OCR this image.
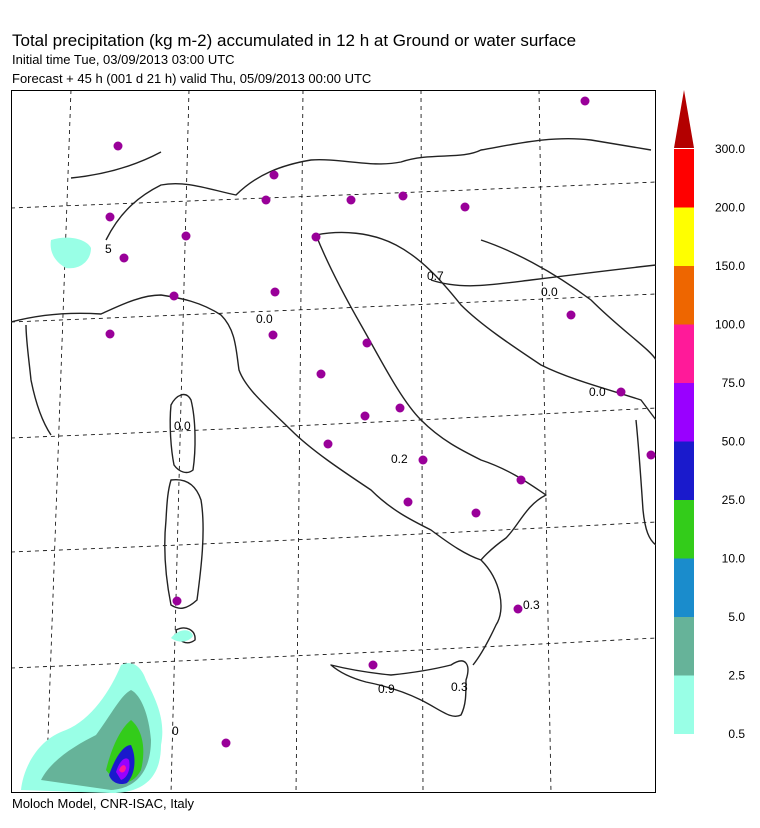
Total precipitation (kg m-2) accumulated in 12 h at Ground or water surface
Initial time Tue, 03/09/2013 03:00 UTC
Forecast + 45 h (001 d 21 h) valid Thu, 05/09/2013 00:00 UTC
5
0.7
0.0
0.0
0.0
0.2
0.0
0.3
0.9	0.3
0	0.5
2.5
5.0
10.0
25.0
50.0
75.0
100.0
150.0
200.0
300.0
Moloch Model, CNR-ISAC, Italy
